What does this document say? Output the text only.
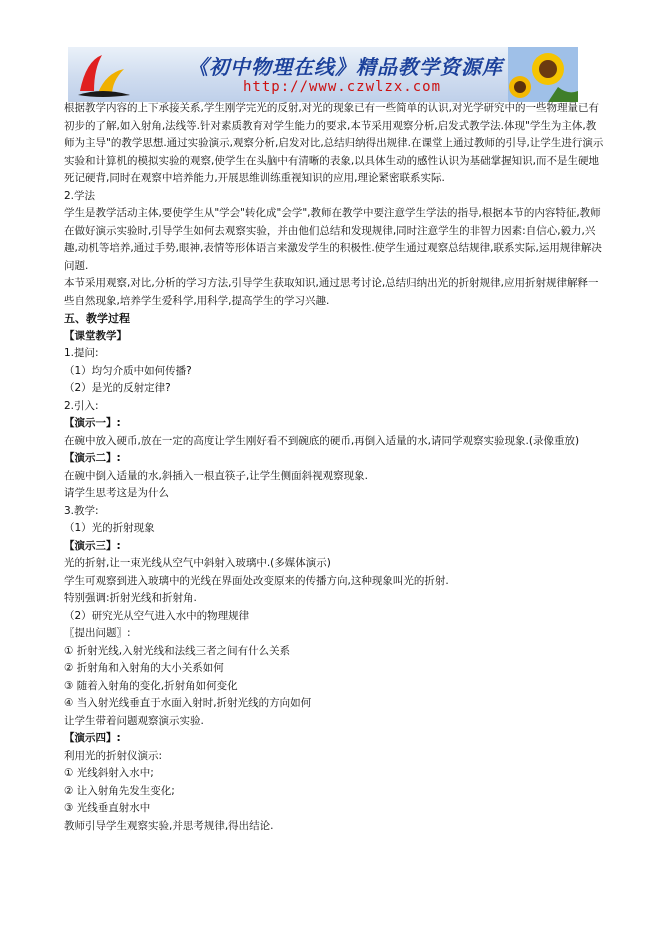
《初中物理在线》精品教学资源库
http://www.czwlzx.com

根据教学内容的上下承接关系,学生刚学完光的反射,对光的现象已有一些简单的认识,对光学研究中的一些物理量已有初步的了解,如入射角,法线等.针对素质教育对学生能力的要求,本节采用观察分析,启发式教学法.体现"学生为主体,教师为主导"的教学思想.通过实验演示,观察分析,启发对比,总结归纳得出规律.在课堂上通过教师的引导,让学生进行演示实验和计算机的模拟实验的观察,使学生在头脑中有清晰的表象,以具体生动的感性认识为基础掌握知识,而不是生硬地死记硬背,同时在观察中培养能力,开展思维训练重视知识的应用,理论紧密联系实际.

2.学法

学生是教学活动主体,要使学生从"学会"转化成"会学",教师在教学中要注意学生学法的指导,根据本节的内容特征,教师在做好演示实验时,引导学生如何去观察实验，并由他们总结和发现规律,同时注意学生的非智力因素:自信心,毅力,兴趣,动机等培养,通过手势,眼神,表情等形体语言来激发学生的积极性.使学生通过观察总结规律,联系实际,运用规律解决问题.

本节采用观察,对比,分析的学习方法,引导学生获取知识,通过思考讨论,总结归纳出光的折射规律,应用折射规律解释一些自然现象,培养学生爱科学,用科学,提高学生的学习兴趣.

五、教学过程

【课堂教学】

1.提问:

（1）均匀介质中如何传播?

（2）是光的反射定律?

2.引入:

【演示一】:

在碗中放入硬币,放在一定的高度让学生刚好看不到碗底的硬币,再倒入适量的水,请同学观察实验现象.(录像重放)

【演示二】:

在碗中倒入适量的水,斜插入一根直筷子,让学生侧面斜视观察现象.

请学生思考这是为什么

3.教学:

（1）光的折射现象

【演示三】:

光的折射,让一束光线从空气中斜射入玻璃中.(多媒体演示)

学生可观察到进入玻璃中的光线在界面处改变原来的传播方向,这种现象叫光的折射.

特别强调:折射光线和折射角.

（2）研究光从空气进入水中的物理规律

〖提出问题〗:

① 折射光线,入射光线和法线三者之间有什么关系

② 折射角和入射角的大小关系如何

③ 随着入射角的变化,折射角如何变化

④ 当入射光线垂直于水面入射时,折射光线的方向如何

让学生带着问题观察演示实验.

【演示四】:

利用光的折射仪演示:

① 光线斜射入水中;

② 让入射角先发生变化;

③ 光线垂直射水中

教师引导学生观察实验,并思考规律,得出结论.
